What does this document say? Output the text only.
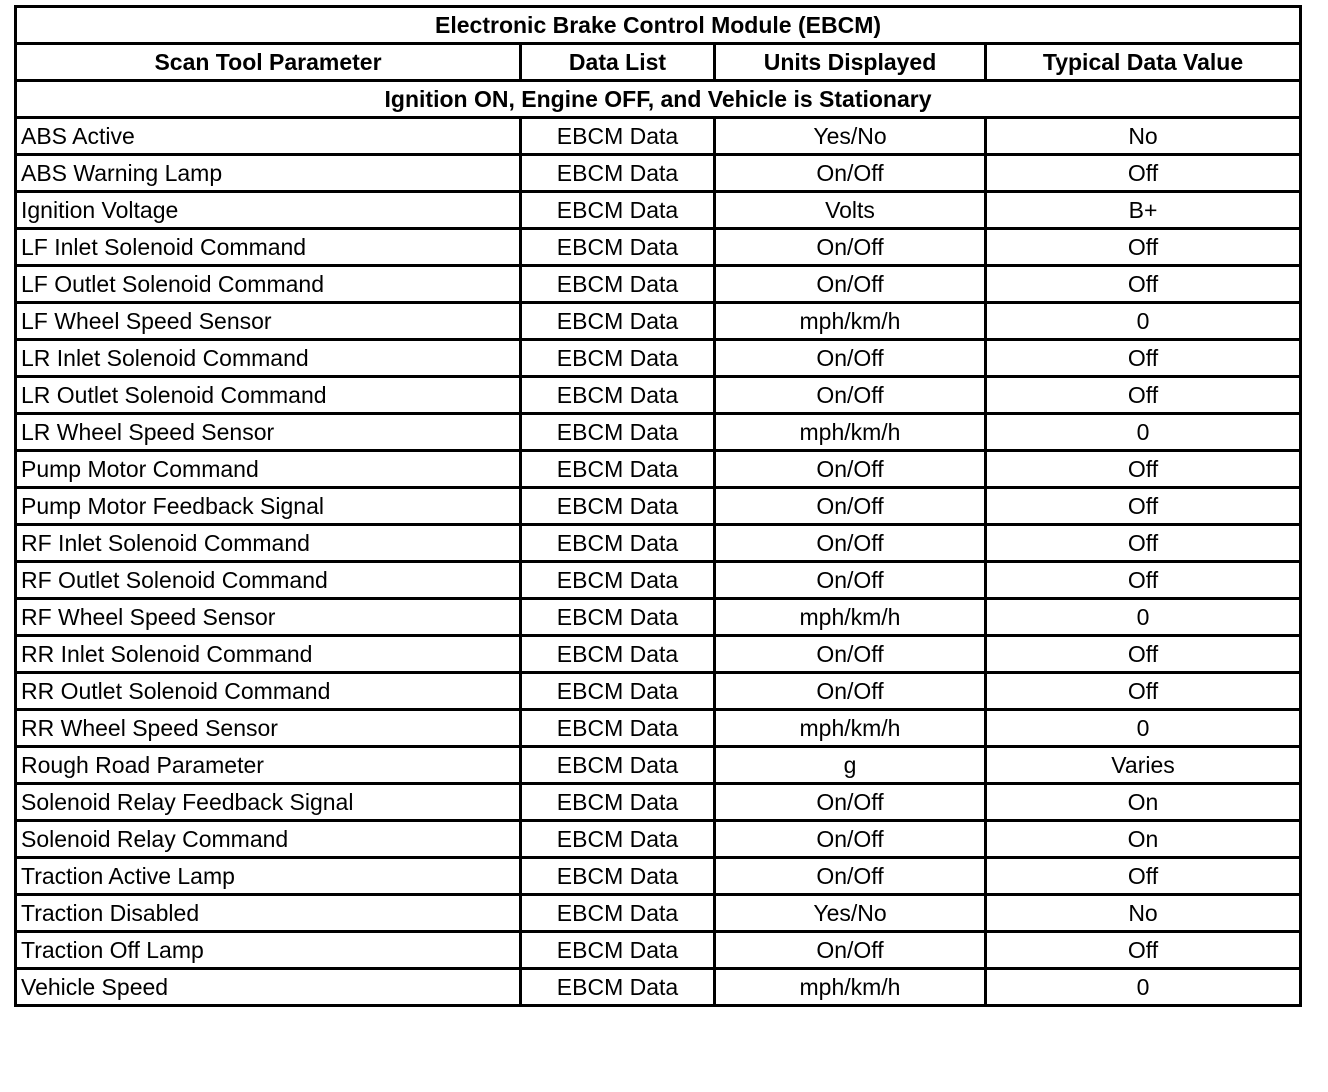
Electronic Brake Control Module (EBCM)			
Scan Tool Parameter	Data List	Units Displayed	Typical Data Value
Ignition ON, Engine OFF, and Vehicle is Stationary			
ABS Active	EBCM Data	Yes/No	No
ABS Warning Lamp	EBCM Data	On/Off	Off
Ignition Voltage	EBCM Data	Volts	B+
LF Inlet Solenoid Command	EBCM Data	On/Off	Off
LF Outlet Solenoid Command	EBCM Data	On/Off	Off
LF Wheel Speed Sensor	EBCM Data	mph/km/h	0
LR Inlet Solenoid Command	EBCM Data	On/Off	Off
LR Outlet Solenoid Command	EBCM Data	On/Off	Off
LR Wheel Speed Sensor	EBCM Data	mph/km/h	0
Pump Motor Command	EBCM Data	On/Off	Off
Pump Motor Feedback Signal	EBCM Data	On/Off	Off
RF Inlet Solenoid Command	EBCM Data	On/Off	Off
RF Outlet Solenoid Command	EBCM Data	On/Off	Off
RF Wheel Speed Sensor	EBCM Data	mph/km/h	0
RR Inlet Solenoid Command	EBCM Data	On/Off	Off
RR Outlet Solenoid Command	EBCM Data	On/Off	Off
RR Wheel Speed Sensor	EBCM Data	mph/km/h	0
Rough Road Parameter	EBCM Data	g	Varies
Solenoid Relay Feedback Signal	EBCM Data	On/Off	On
Solenoid Relay Command	EBCM Data	On/Off	On
Traction Active Lamp	EBCM Data	On/Off	Off
Traction Disabled	EBCM Data	Yes/No	No
Traction Off Lamp	EBCM Data	On/Off	Off
Vehicle Speed	EBCM Data	mph/km/h	0
